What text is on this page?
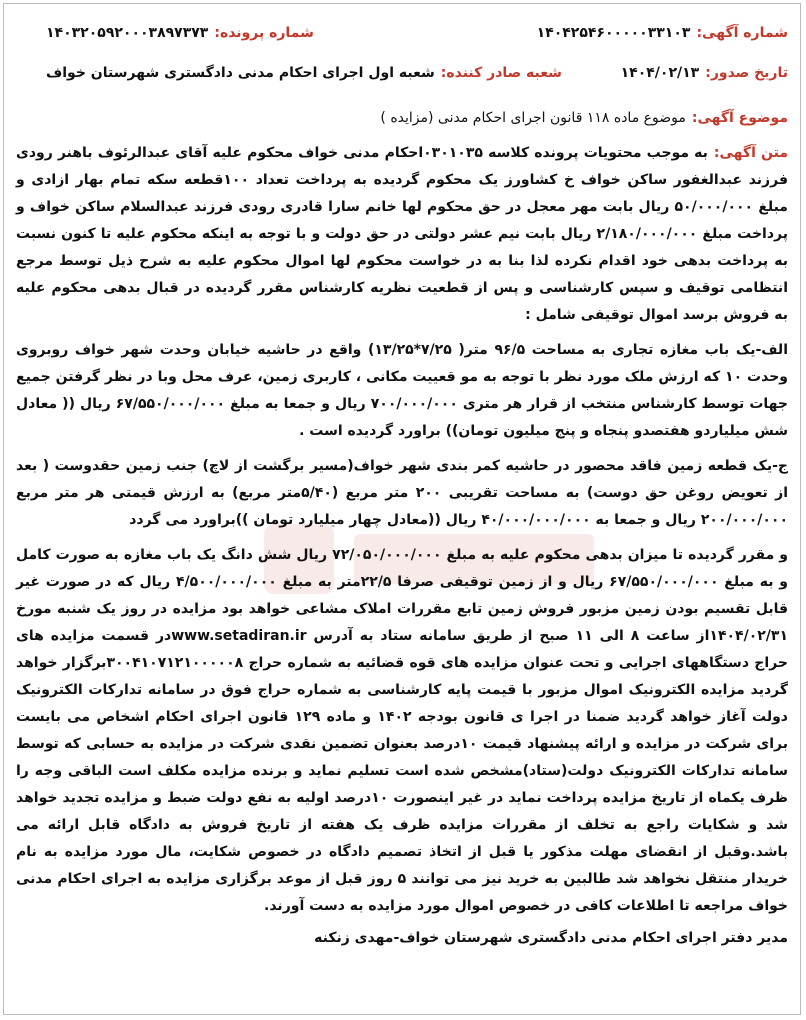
شماره آگهی:
۱۴۰۴۲۵۴۶۰۰۰۰۰۳۳۱۰۳
شماره پرونده:
۱۴۰۳۲۰۵۹۲۰۰۰۳۸۹۷۳۷۳
تاریخ صدور:
۱۴۰۴/۰۲/۱۳
شعبه صادر کننده:
شعبه اول اجرای احکام مدنی دادگستری شهرستان خواف
موضوع آگهی:
موضوع ماده ۱۱۸ قانون اجرای احکام مدنی (مزایده )

متن آگهی:به موجب محتویات پرونده کلاسه ۰۳۰۱۰۳۵احکام مدنی خواف محکوم علیه آقای عبدالرئوف باهنر رودی فرزند عبدالغفور ساکن خواف خ کشاورز یک محکوم گردیده به پرداخت تعداد ۱۰۰قطعه سکه تمام بهار ازادی و مبلغ ۵۰/۰۰۰/۰۰۰ ریال بابت مهر معجل در حق محکوم لها خانم سارا قادری رودی فرزند عبدالسلام ساکن خواف و پرداخت مبلغ ۲/۱۸۰/۰۰۰/۰۰۰ ریال بابت نیم عشر دولتی در حق دولت و با توجه به اینکه محکوم علیه تا کنون نسبت به پرداخت بدهی خود اقدام نکرده لذا بنا به در خواست محکوم لها اموال محکوم علیه به شرح ذیل توسط مرجع انتظامی توقیف و سپس کارشناسی و پس از قطعیت نظریه کارشناس مقرر گردیده در قبال بدهی محکوم علیه به فروش برسد اموال توقیفی شامل :

الف-یک باب مغازه تجاری به مساحت ۹۶/۵ متر( ۷/۲۵*۱۳/۲۵) واقع در حاشیه خیابان وحدت شهر خواف روبروی وحدت ۱۰ که ارزش ملک مورد نظر با توجه به مو قعییت مکانی ، کاربری زمین، عرف محل وبا در نظر گرفتن جمیع جهات توسط کارشناس منتخب از قرار هر متری ۷۰۰/۰۰۰/۰۰۰ ریال و جمعا به مبلغ ۶۷/۵۵۰/۰۰۰/۰۰۰ ریال (( معادل شش میلیاردو هفتصدو پنجاه و پنج میلیون تومان)) براورد گردیده است .

ج-یک قطعه زمین فاقد محصور در حاشیه کمر بندی شهر خواف(مسیر برگشت از لاچ) جنب زمین حقدوست ( بعد از تعویض روغن حق دوست) به مساحت تقریبی ۲۰۰ متر مربع (۵/۴۰متر مربع) به ارزش قیمتی هر متر مربع ۲۰۰/۰۰۰/۰۰۰ ریال و جمعا به ۴۰/۰۰۰/۰۰۰/۰۰۰ ریال ((معادل چهار میلیارد تومان ))براورد می گردد

و مقرر گردیده تا میزان بدهی محکوم علیه به مبلغ ۷۲/۰۵۰/۰۰۰/۰۰۰ ریال شش دانگ یک باب مغازه به صورت کامل و به مبلغ ۶۷/۵۵۰/۰۰۰/۰۰۰ ریال و از زمین توقیفی صرفا ۲۲/۵متر به مبلغ ۴/۵۰۰/۰۰۰/۰۰۰ ریال که در صورت غیر قابل تقسیم بودن زمین مزبور فروش زمین تابع مقررات املاک مشاعی خواهد بود مزایده در روز یک شنبه مورخ ۱۴۰۴/۰۲/۳۱از ساعت ۸ الی ۱۱ صبح از طریق سامانه ستاد به آدرس www.setadiran.irدر قسمت مزایده های حراج دستگاههای اجرایی و تحت عنوان مزایده های قوه قضائیه به شماره حراج ۳۰۰۴۱۰۷۱۲۱۰۰۰۰۰۸برگزار خواهد گردید مزایده الکترونیک اموال مزبور با قیمت پایه کارشناسی به شماره حراج فوق در سامانه تدارکات الکترونیک دولت آغاز خواهد گردید ضمنا در اجرا ی قانون بودجه ۱۴۰۲ و ماده ۱۲۹ قانون اجرای احکام اشخاص می بایست برای شرکت در مزایده و ارائه پیشنهاد قیمت ۱۰درصد بعنوان تضمین نقدی شرکت در مزایده به حسابی که توسط سامانه تدارکات الکترونیک دولت(ستاد)مشخص شده است تسلیم نماید و برنده مزایده مکلف است الباقی وجه را ظرف یکماه از تاریخ مزایده پرداخت نماید در غیر اینصورت ۱۰درصد اولیه به نفع دولت ضبط و مزایده تجدید خواهد شد و شکایات راجع به تخلف از مقررات مزایده ظرف یک هفته از تاریخ فروش به دادگاه قابل ارائه می باشد.وقبل از انقضای مهلت مذکور یا قبل از اتخاذ تصمیم دادگاه در خصوص شکایت، مال مورد مزایده به نام خریدار منتقل نخواهد شد طالبین به خرید نیز می توانند ۵ روز قبل از موعد برگزاری مزایده به اجرای احکام مدنی خواف مراجعه تا اطلاعات کافی در خصوص اموال مورد مزایده به دست آورند.

مدیر دفتر اجرای احکام مدنی دادگستری شهرستان خواف-مهدی زنکنه
